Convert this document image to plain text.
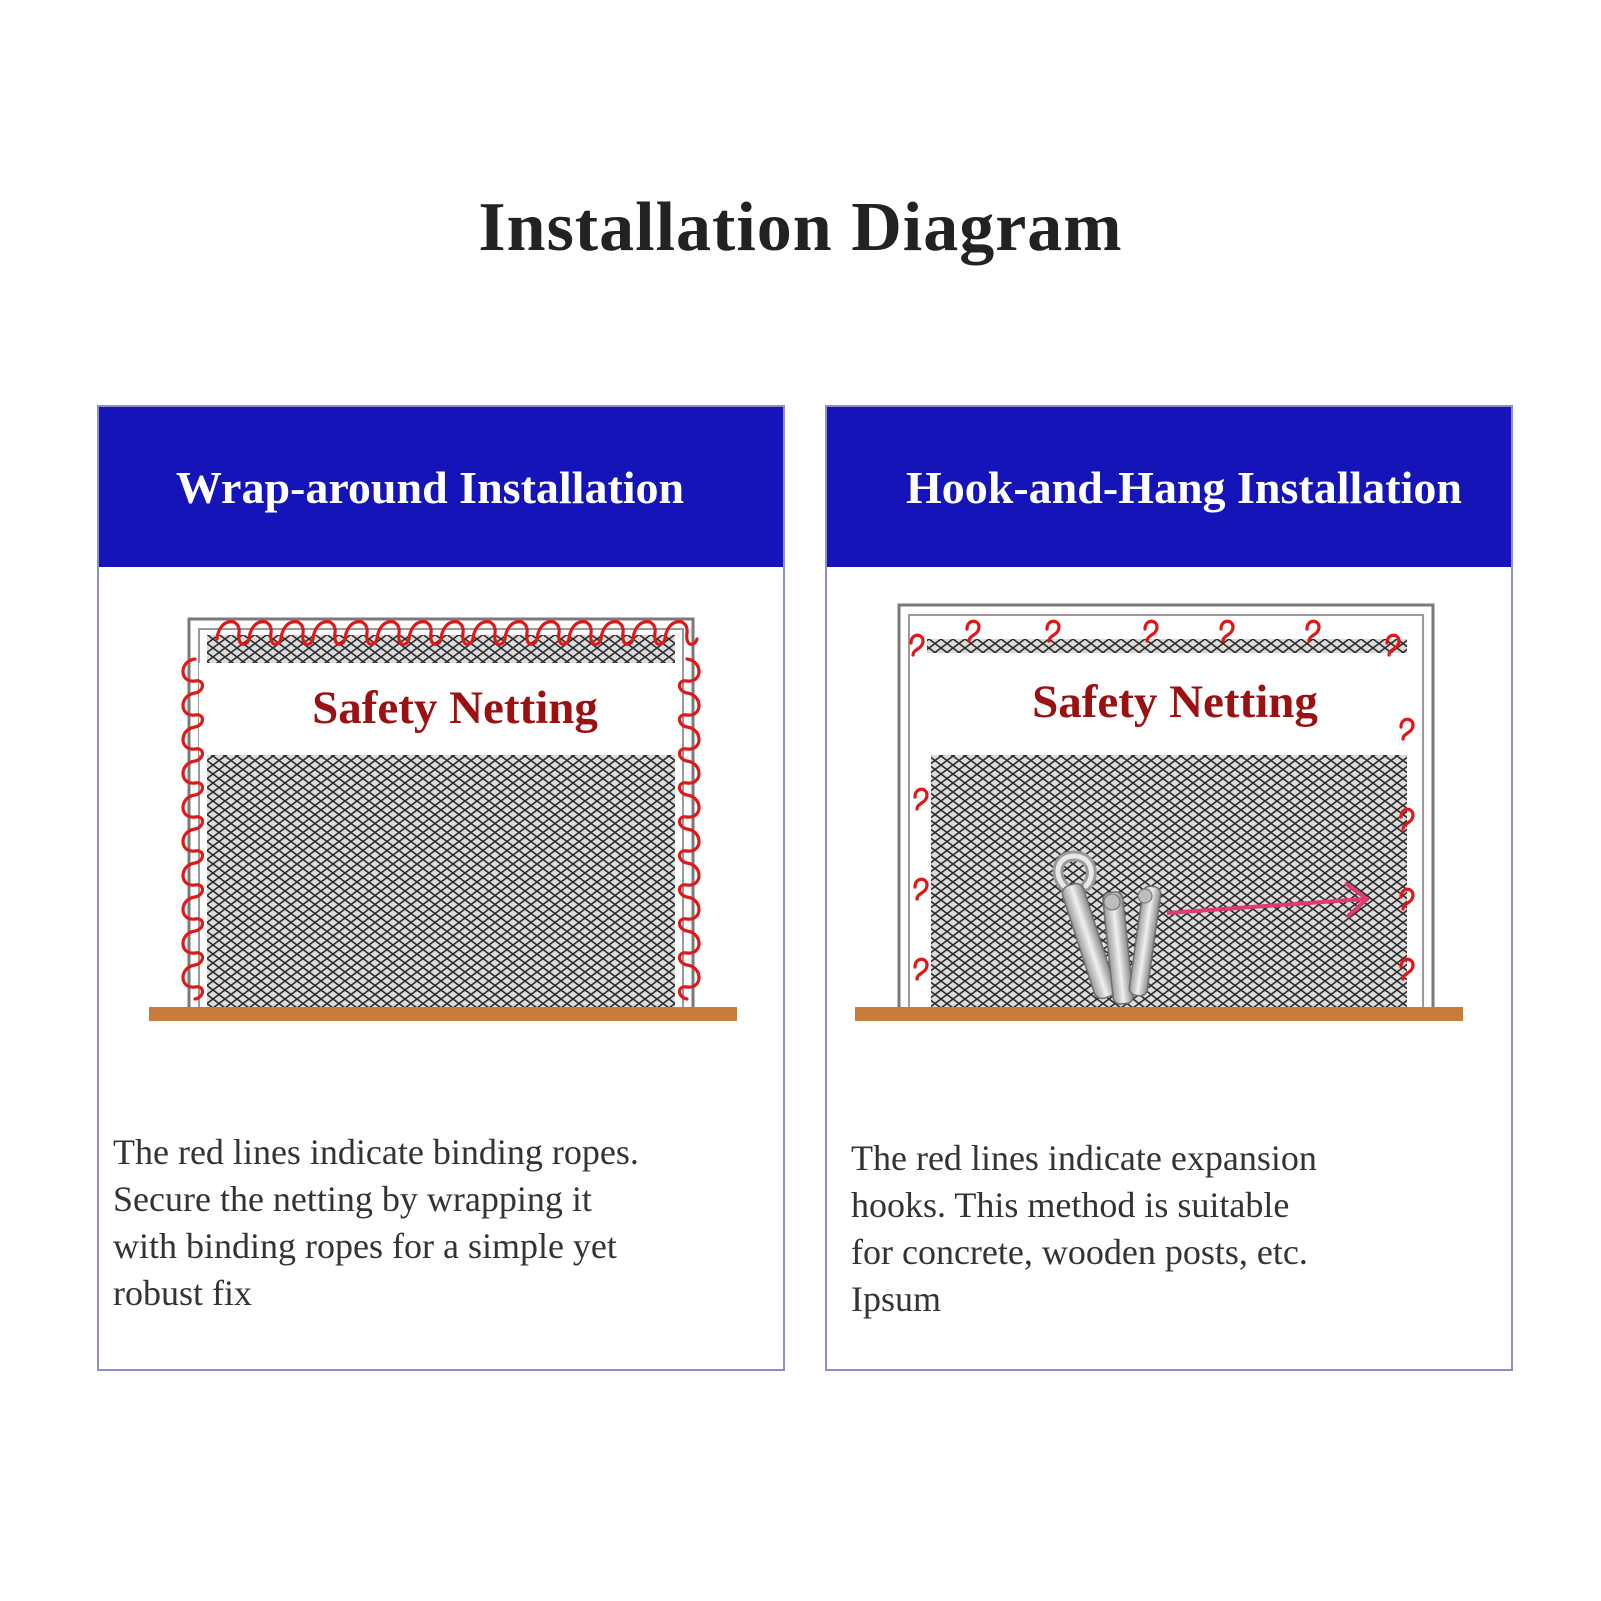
Installation Diagram
Wrap-around Installation
Safety Netting
The red lines indicate binding ropes.
Secure the netting by wrapping it
with binding ropes for a simple yet
robust fix
Hook-and-Hang Installation
Safety Netting
The red lines indicate expansion
hooks. This method is suitable
for concrete, wooden posts, etc.
Ipsum
